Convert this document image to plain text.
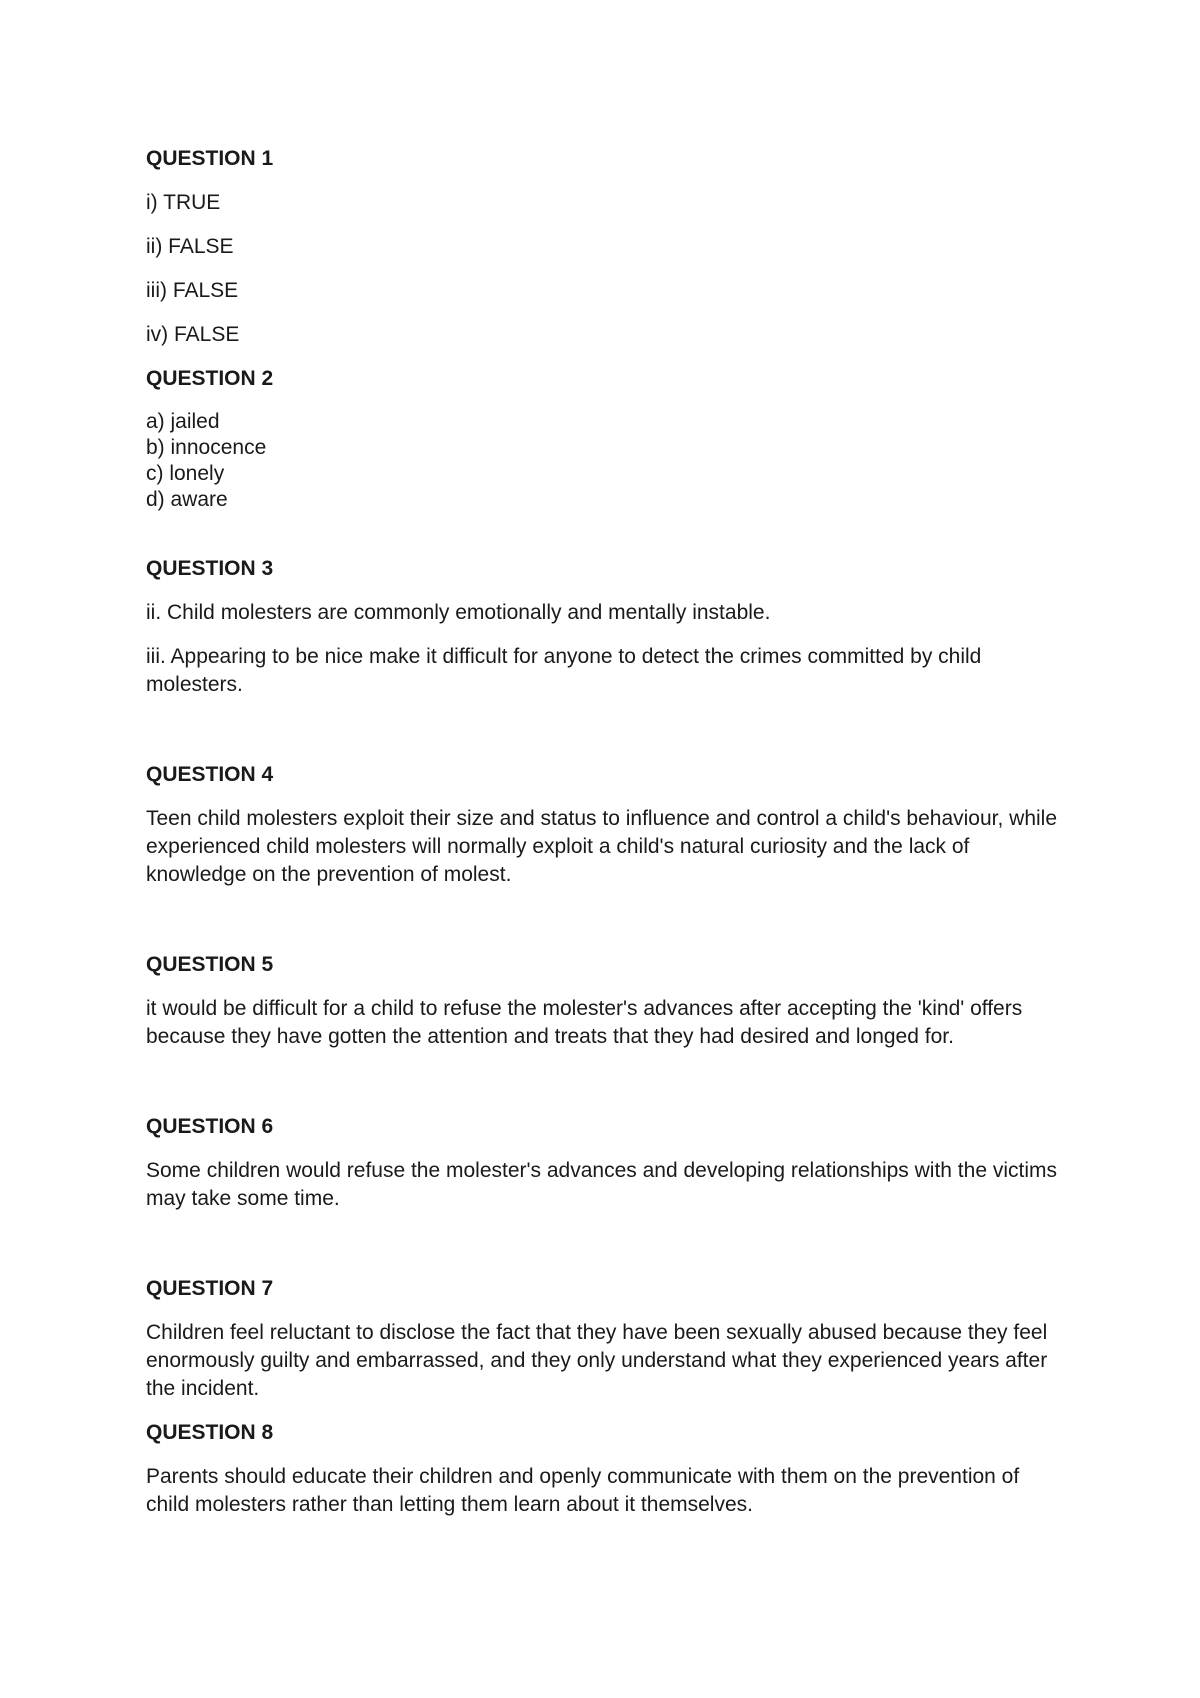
QUESTION 1

i) TRUE

ii) FALSE

iii) FALSE

iv) FALSE

QUESTION 2

a) jailed

b) innocence

c) lonely

d) aware

QUESTION 3

ii. Child molesters are commonly emotionally and mentally instable.

iii. Appearing to be nice make it difficult for anyone to detect the crimes committed by child molesters.

QUESTION 4

Teen child molesters exploit their size and status to influence and control a child's behaviour, while experienced child molesters will normally exploit a child's natural curiosity and the lack of knowledge on the prevention of molest.

QUESTION 5

it would be difficult for a child to refuse the molester's advances after accepting the 'kind' offers because they have gotten the attention and treats that they had desired and longed for.

QUESTION 6

Some children would refuse the molester's advances and developing relationships with the victims may take some time.

QUESTION 7

Children feel reluctant to disclose the fact that they have been sexually abused because they feel enormously guilty and embarrassed, and they only understand what they experienced years after the incident.

QUESTION 8

Parents should educate their children and openly communicate with them on the prevention of child molesters rather than letting them learn about it themselves.
